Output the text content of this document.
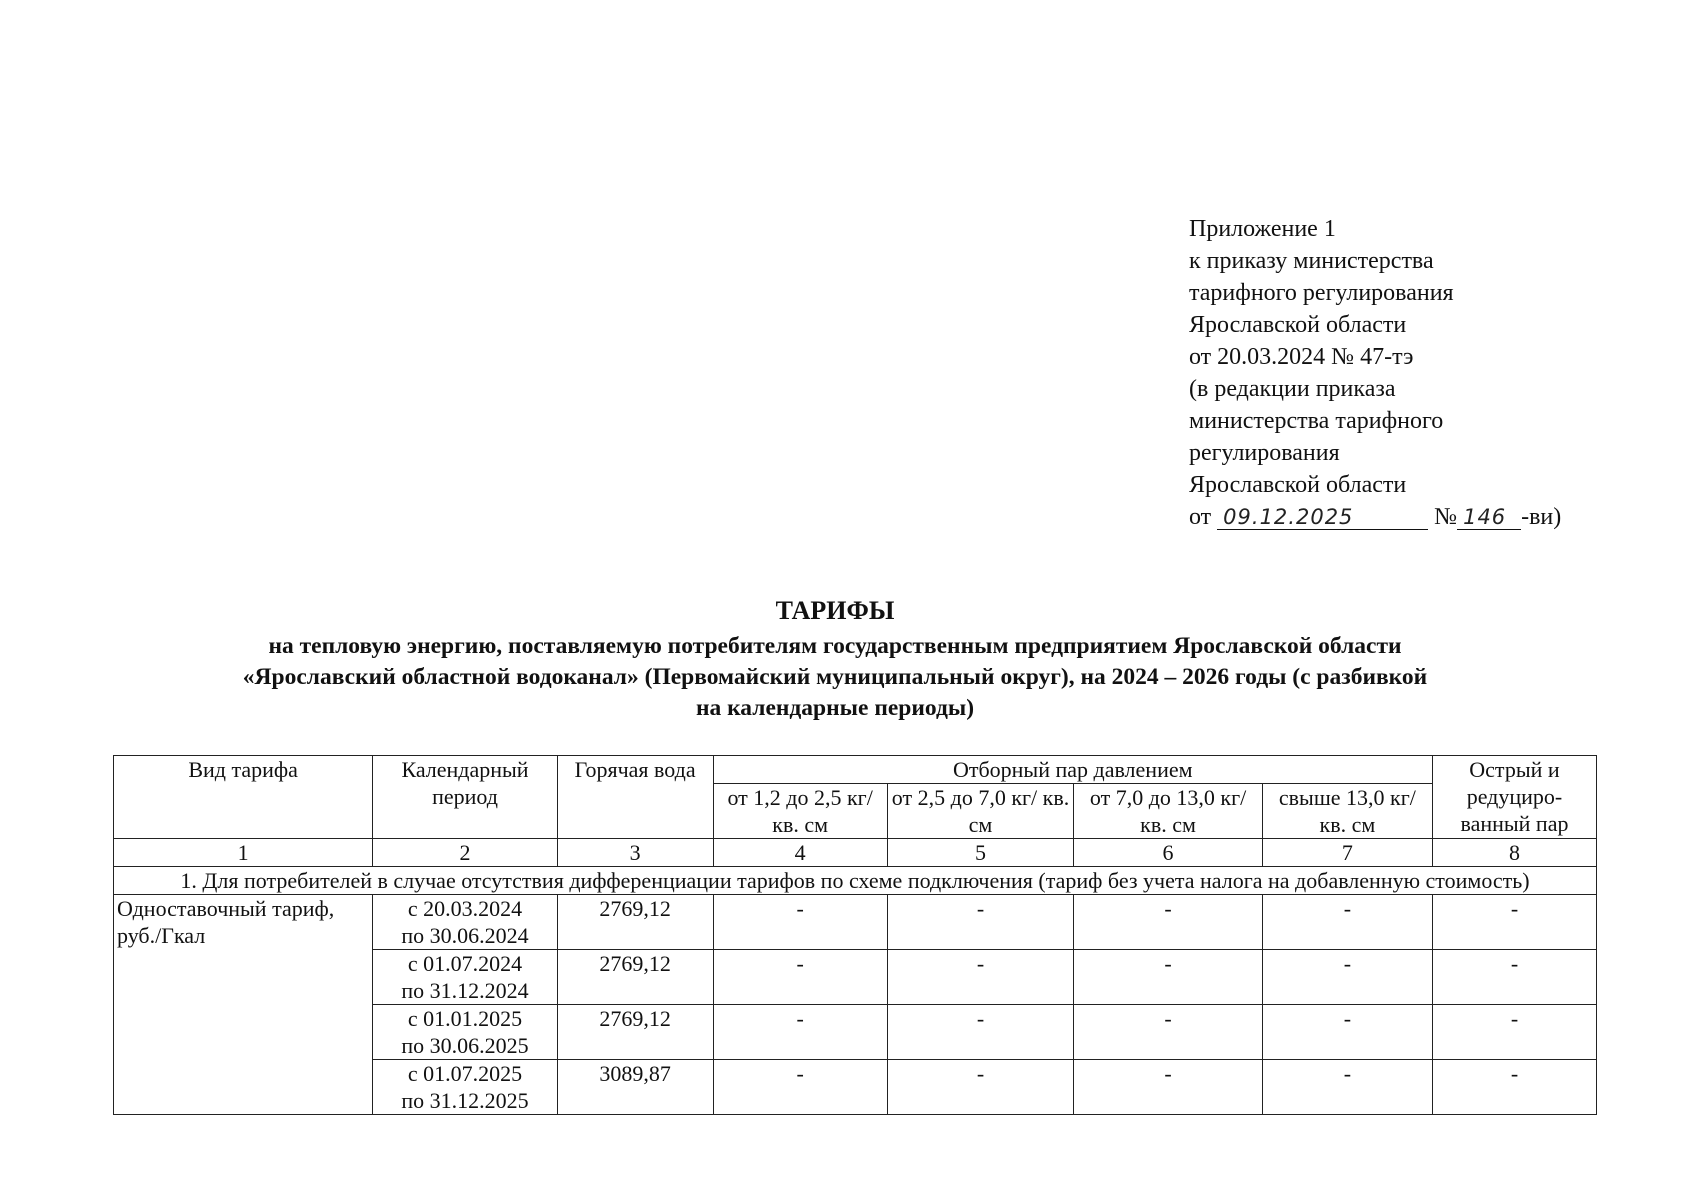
Приложение 1
к приказу министерства
тарифного регулирования
Ярославской области
от 20.03.2024 № 47-тэ
(в редакции приказа
министерства тарифного
регулирования
Ярославской области
от 09.12.2025	№ 146 -ви)
ТАРИФЫ
на тепловую энергию, поставляемую потребителям государственным предприятием Ярославской области
«Ярославский областной водоканал» (Первомайский муниципальный округ), на 2024 – 2026 годы (с разбивкой
на календарные периоды)
Вид тарифа	Календарный период	Горячая вода	Отборный пар давлением				Острый и редуциро-ванный пар
			от 1,2 до 2,5 кг/ кв. см	от 2,5 до 7,0 кг/ кв. см	от 7,0 до 13,0 кг/ кв. см	свыше 13,0 кг/ кв. см	
1	2	3	4	5	6	7	8
1. Для потребителей в случае отсутствия дифференциации тарифов по схеме подключения (тариф без учета налога на добавленную стоимость)							
Одноставочный тариф, руб./Гкал	с 20.03.2024
по 30.06.2024	2769,12	-	-	-	-	-

	с 01.07.2024
по 31.12.2024	2769,12	-	-	-	-	-

	с 01.01.2025
по 30.06.2025	2769,12	-	-	-	-	-

	с 01.07.2025
по 31.12.2025	3089,87	-	-	-	-	-
